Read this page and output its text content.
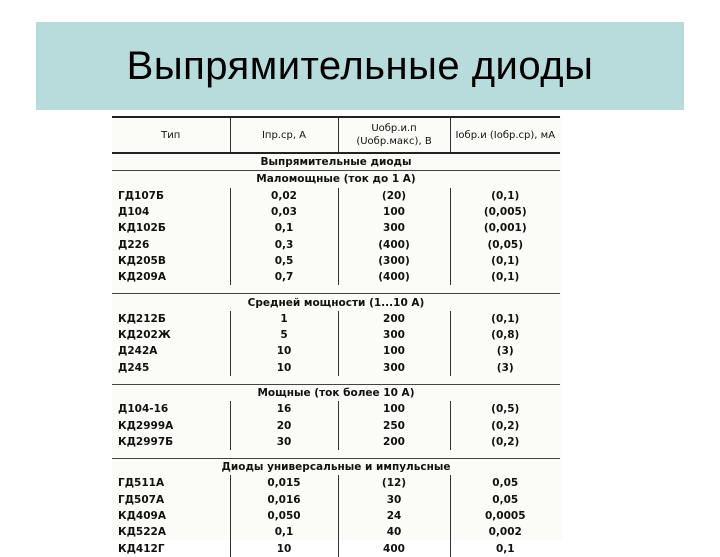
Выпрямительные диоды
Тип	Iпр.ср, А	Uобр.и.п (Uобр.макс), В	Iобр.и (Iобр.ср), мА
Выпрямительные диоды			
Маломощные (ток до 1 А)			
ГД107Б	0,02	(20)	(0,1)
Д104	0,03	100	(0,005)
КД102Б	0,1	300	(0,001)
Д226	0,3	(400)	(0,05)
КД205В	0,5	(300)	(0,1)
КД209А	0,7	(400)	(0,1)

Средней мощности (1...10 А)			
КД212Б	1	200	(0,1)
КД202Ж	5	300	(0,8)
Д242А	10	100	(3)
Д245	10	300	(3)

Мощные (ток более 10 А)			
Д104-16	16	100	(0,5)
КД2999А	20	250	(0,2)
КД2997Б	30	200	(0,2)

Диоды универсальные и импульсные			
ГД511А	0,015	(12)	0,05
ГД507А	0,016	30	0,05
КД409А	0,050	24	0,0005
КД522А	0,1	40	0,002
КД412Г	10	400	0,1
